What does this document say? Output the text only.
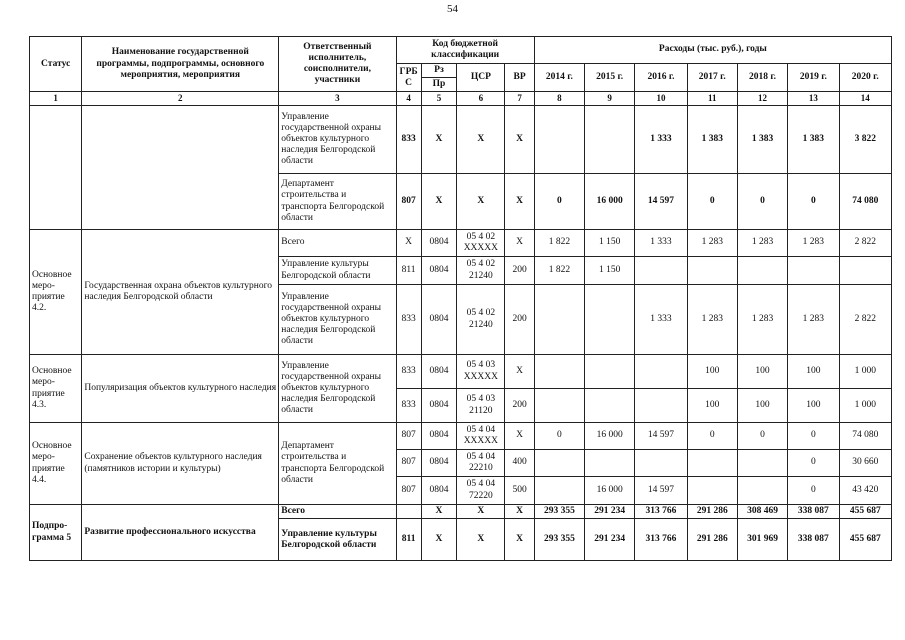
54
Статус	Наименование государственной программы, подпрограммы, основного мероприятия, мероприятия	Ответственный исполнитель, соисполнители, участники	Код бюджетной классификации				Расходы (тыс. руб.), годы						
			ГРБ С	Рз	ЦСР	ВР	2014 г.	2015 г.	2016 г.	2017 г.	2018 г.	2019 г.	2020 г.
				Пр									
1	2	3	4	5	6	7	8	9	10	11	12	13	14
		Управление государственной охраны объектов культурного наследия Белгородской области	833	Х	Х	Х			1 333	1 383	1 383	1 383	3 822
		Департамент строительства и транспорта Белгородской области	807	Х	Х	Х	0	16 000	14 597	0	0	0	74 080
Основное меро-приятие 4.2.	Государственная охрана объектов культурного наследия Белгородской области	Всего	Х	0804	05 4 02 XXXXX	Х	1 822	1 150	1 333	1 283	1 283	1 283	2 822
		Управление культуры Белгородской области	811	0804	05 4 02 21240	200	1 822	1 150					
		Управление государственной охраны объектов культурного наследия Белгородской области	833	0804	05 4 02 21240	200			1 333	1 283	1 283	1 283	2 822
Основное меро-приятие 4.3.	Популяризация объектов культурного наследия	Управление государственной охраны объектов культурного наследия Белгородской области	833	0804	05 4 03 XXXXX	Х				100	100	100	1 000
			833	0804	05 4 03 21120	200				100	100	100	1 000
Основное меро-приятие 4.4.	Сохранение объектов культурного наследия (памятников истории и культуры)	Департамент строительства и транспорта Белгородской области	807	0804	05 4 04 XXXXX	Х	0	16 000	14 597	0	0	0	74 080
			807	0804	05 4 04 22210	400						0	30 660
			807	0804	05 4 04 72220	500		16 000	14 597			0	43 420
Подпро-грамма 5	Развитие профессионального искусства	Всего		Х	Х	Х	293 355	291 234	313 766	291 286	308 469	338 087	455 687
		Управление культуры Белгородской области	811	Х	Х	Х	293 355	291 234	313 766	291 286	301 969	338 087	455 687
